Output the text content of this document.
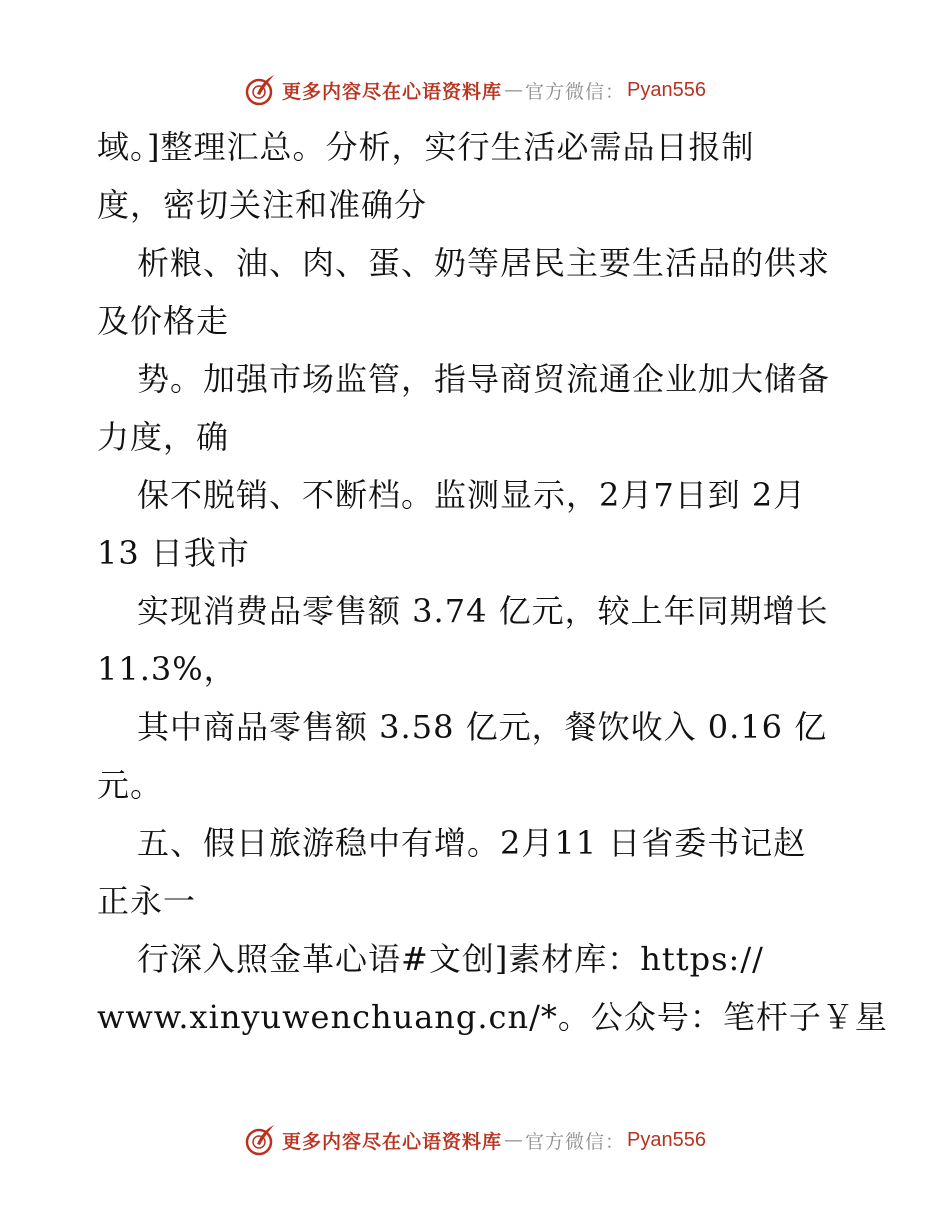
更多内容尽在心语资料库 — 官方微信： Pyan556
域。]整理汇总。分析，实行生活必需品日报制
度，密切关注和准确分
析粮、油、肉、蛋、奶等居民主要生活品的供求
及价格走
势。加强市场监管，指导商贸流通企业加大储备
力度，确
保不脱销、不断档。监测显示，2月7日到 2月
13 日我市
实现消费品零售额 3.74 亿元，较上年同期增长
11.3%，
其中商品零售额 3.58 亿元，餐饮收入 0.16 亿
元。
五、假日旅游稳中有增。2月11 日省委书记赵
正永一
行深入照金革心语#文创]素材库：https://
www.xinyuwenchuang.cn/*。公众号：笔杆子￥星
更多内容尽在心语资料库 — 官方微信： Pyan556
